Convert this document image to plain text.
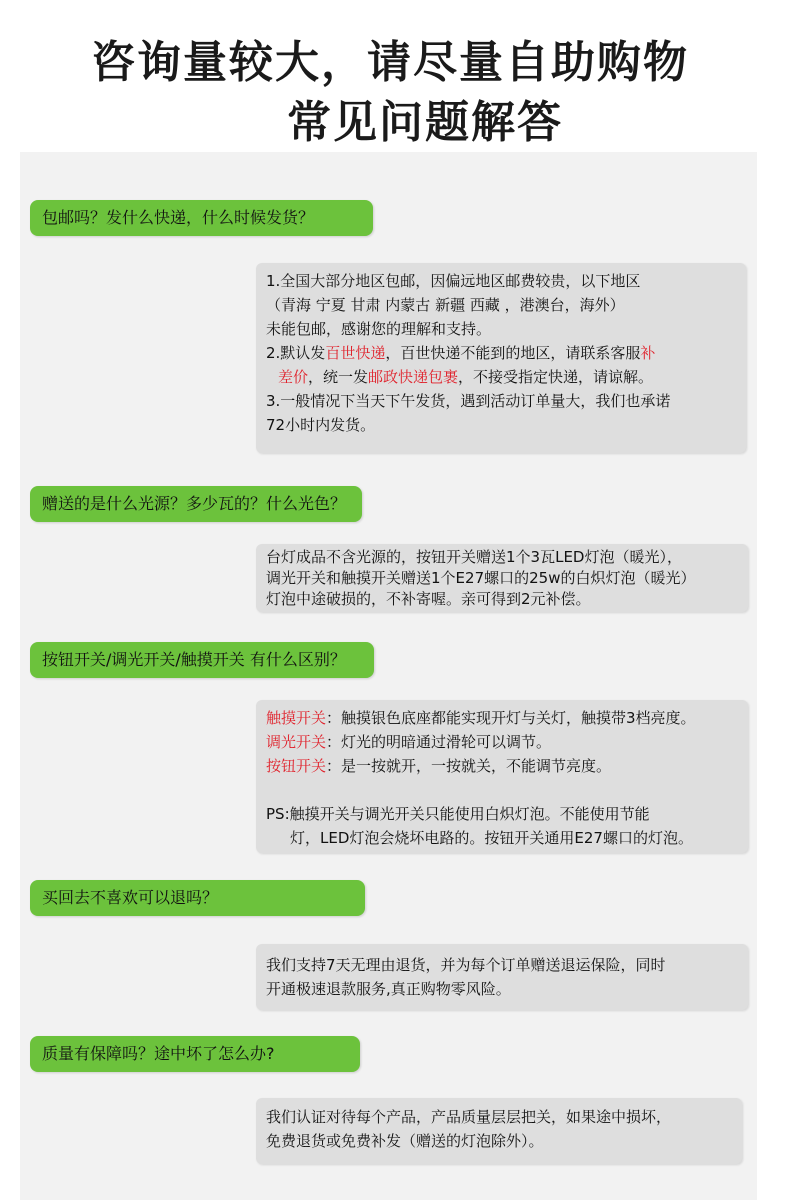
咨询量较大，请尽量自助购物
常见问题解答
包邮吗？发什么快递，什么时候发货？
1.全国大部分地区包邮，因偏远地区邮费较贵，以下地区
（青海 宁夏 甘肃 内蒙古 新疆 西藏 ，港澳台，海外）
未能包邮，感谢您的理解和支持。
2.默认发百世快递，百世快递不能到的地区，请联系客服补
差价，统一发邮政快递包裹，不接受指定快递，请谅解。
3.一般情况下当天下午发货，遇到活动订单量大，我们也承诺
72小时内发货。
赠送的是什么光源？多少瓦的？什么光色？
台灯成品不含光源的，按钮开关赠送1个3瓦LED灯泡（暖光），
调光开关和触摸开关赠送1个E27螺口的25w的白炽灯泡（暖光）
灯泡中途破损的，不补寄喔。亲可得到2元补偿。
按钮开关/调光开关/触摸开关 有什么区别？
触摸开关：触摸银色底座都能实现开灯与关灯，触摸带3档亮度。
调光开关：灯光的明暗通过滑轮可以调节。
按钮开关：是一按就开，一按就关，不能调节亮度。
PS:触摸开关与调光开关只能使用白炽灯泡。不能使用节能
灯，LED灯泡会烧坏电路的。按钮开关通用E27螺口的灯泡。
买回去不喜欢可以退吗？
我们支持7天无理由退货，并为每个订单赠送退运保险，同时
开通极速退款服务,真正购物零风险。
质量有保障吗？途中坏了怎么办?
我们认证对待每个产品，产品质量层层把关，如果途中损坏，
免费退货或免费补发（赠送的灯泡除外）。
